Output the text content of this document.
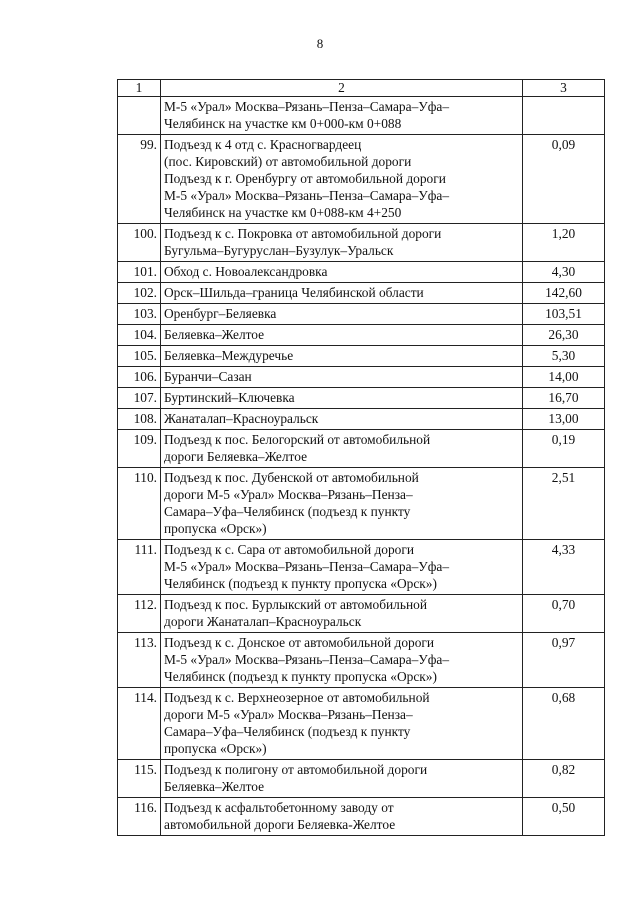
8
1	2	3
	М-5 «Урал» Москва–Рязань–Пенза–Самара–Уфа–
Челябинск на участке км 0+000-км 0+088	
99.	Подъезд к 4 отд с. Красногвардеец
(пос. Кировский) от автомобильной дороги
Подъезд к г. Оренбургу от автомобильной дороги
М-5 «Урал» Москва–Рязань–Пенза–Самара–Уфа–
Челябинск на участке км 0+088-км 4+250	0,09
100.	Подъезд к с. Покровка от автомобильной дороги
Бугульма–Бугуруслан–Бузулук–Уральск	1,20
101.	Обход с. Новоалександровка	4,30
102.	Орск–Шильда–граница Челябинской области	142,60
103.	Оренбург–Беляевка	103,51
104.	Беляевка–Желтое	26,30
105.	Беляевка–Междуречье	5,30
106.	Буранчи–Сазан	14,00
107.	Буртинский–Ключевка	16,70
108.	Жанаталап–Красноуральск	13,00
109.	Подъезд к пос. Белогорский от автомобильной
дороги Беляевка–Желтое	0,19
110.	Подъезд к пос. Дубенской от автомобильной
дороги М-5 «Урал» Москва–Рязань–Пенза–
Самара–Уфа–Челябинск (подъезд к пункту
пропуска «Орск»)	2,51
111.	Подъезд к с. Сара от автомобильной дороги
М-5 «Урал» Москва–Рязань–Пенза–Самара–Уфа–
Челябинск (подъезд к пункту пропуска «Орск»)	4,33
112.	Подъезд к пос. Бурлыкский от автомобильной
дороги Жанаталап–Красноуральск	0,70
113.	Подъезд к с. Донское от автомобильной дороги
М-5 «Урал» Москва–Рязань–Пенза–Самара–Уфа–
Челябинск (подъезд к пункту пропуска «Орск»)	0,97
114.	Подъезд к с. Верхнеозерное от автомобильной
дороги М-5 «Урал» Москва–Рязань–Пенза–
Самара–Уфа–Челябинск (подъезд к пункту
пропуска «Орск»)	0,68
115.	Подъезд к полигону от автомобильной дороги
Беляевка–Желтое	0,82
116.	Подъезд к асфальтобетонному заводу от
автомобильной дороги Беляевка-Желтое	0,50
